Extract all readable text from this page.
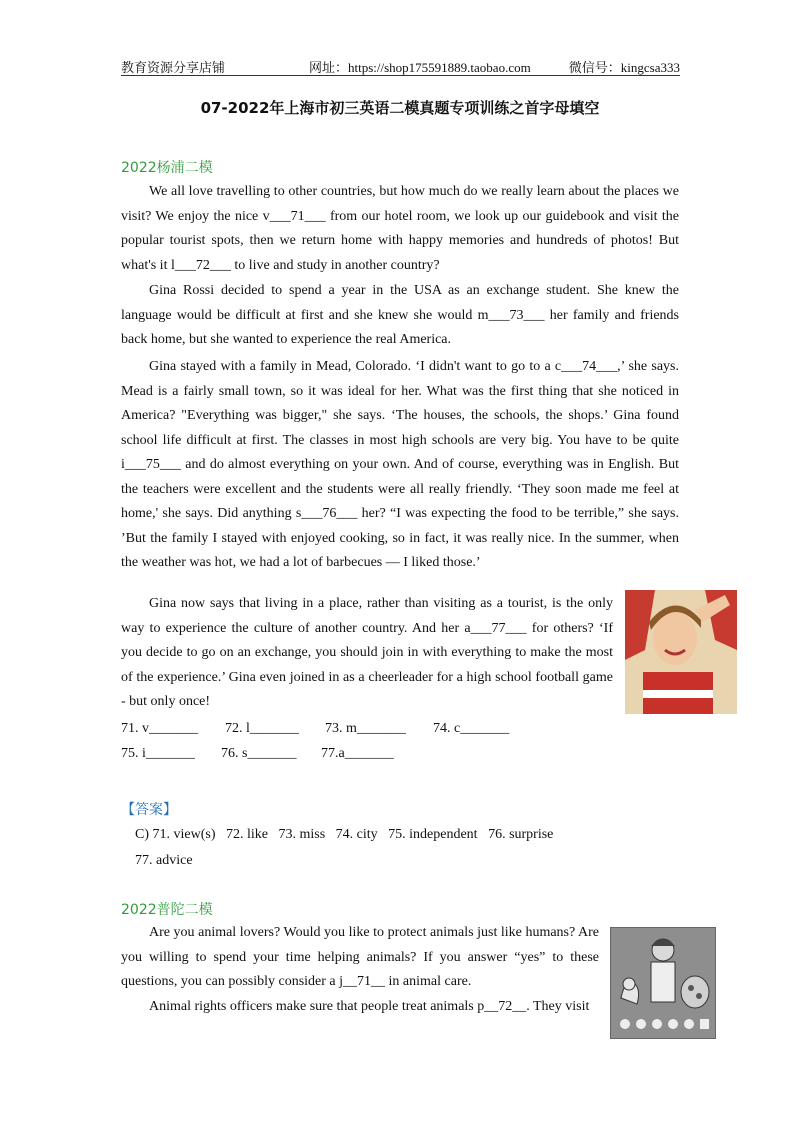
教育资源分享店铺	网址：https://shop175591889.taobao.com	微信号：kingcsa333
07-2022年上海市初三英语二模真题专项训练之首字母填空
2022杨浦二模

We all love travelling to other countries, but how much do we really learn about the places we visit? We enjoy the nice v___71___ from our hotel room, we look up our guidebook and visit the popular tourist spots, then we return home with happy memories and hundreds of photos! But what's it l___72___ to live and study in another country?

Gina Rossi decided to spend a year in the USA as an exchange student. She knew the language would be difficult at first and she knew she would m___73___ her family and friends back home, but she wanted to experience the real America.

Gina stayed with a family in Mead, Colorado. ‘I didn't want to go to a c___74___,’ she says. Mead is a fairly small town, so it was ideal for her. What was the first thing that she noticed in America? "Everything was bigger," she says. ‘The houses, the schools, the shops.’ Gina found school life difficult at first. The classes in most high schools are very big. You have to be quite i___75___ and do almost everything on your own. And of course, everything was in English. But the teachers were excellent and the students were all really friendly. ‘They soon made me feel at home,' she says. Did anything s___76___ her? “I was expecting the food to be terrible,” she says. ’But the family I stayed with enjoyed cooking, so in fact, it was really nice. In the summer, when the weather was hot, we had a lot of barbecues — I liked those.’

Gina now says that living in a place, rather than visiting as a tourist, is the only way to experience the culture of another country. And her a___77___ for others? ‘If you decide to go on an exchange, you should join in with everything to make the most of the experience.’ Gina even joined in as a cheerleader for a high school football game - but only once!

71. v_______ 72. l_______ 73. m_______ 74. c_______
75. i_______ 76. s_______ 77.a_______
【答案】

C) 71. view(s)   72. like   73. miss   74. city   75. independent   76. surprise
77. advice

2022普陀二模

Are you animal lovers? Would you like to protect animals just like humans? Are you willing to spend your time helping animals? If you answer “yes” to these questions, you can possibly consider a j__71__ in animal care.

Animal rights officers make sure that people treat animals p__72__. They visit
